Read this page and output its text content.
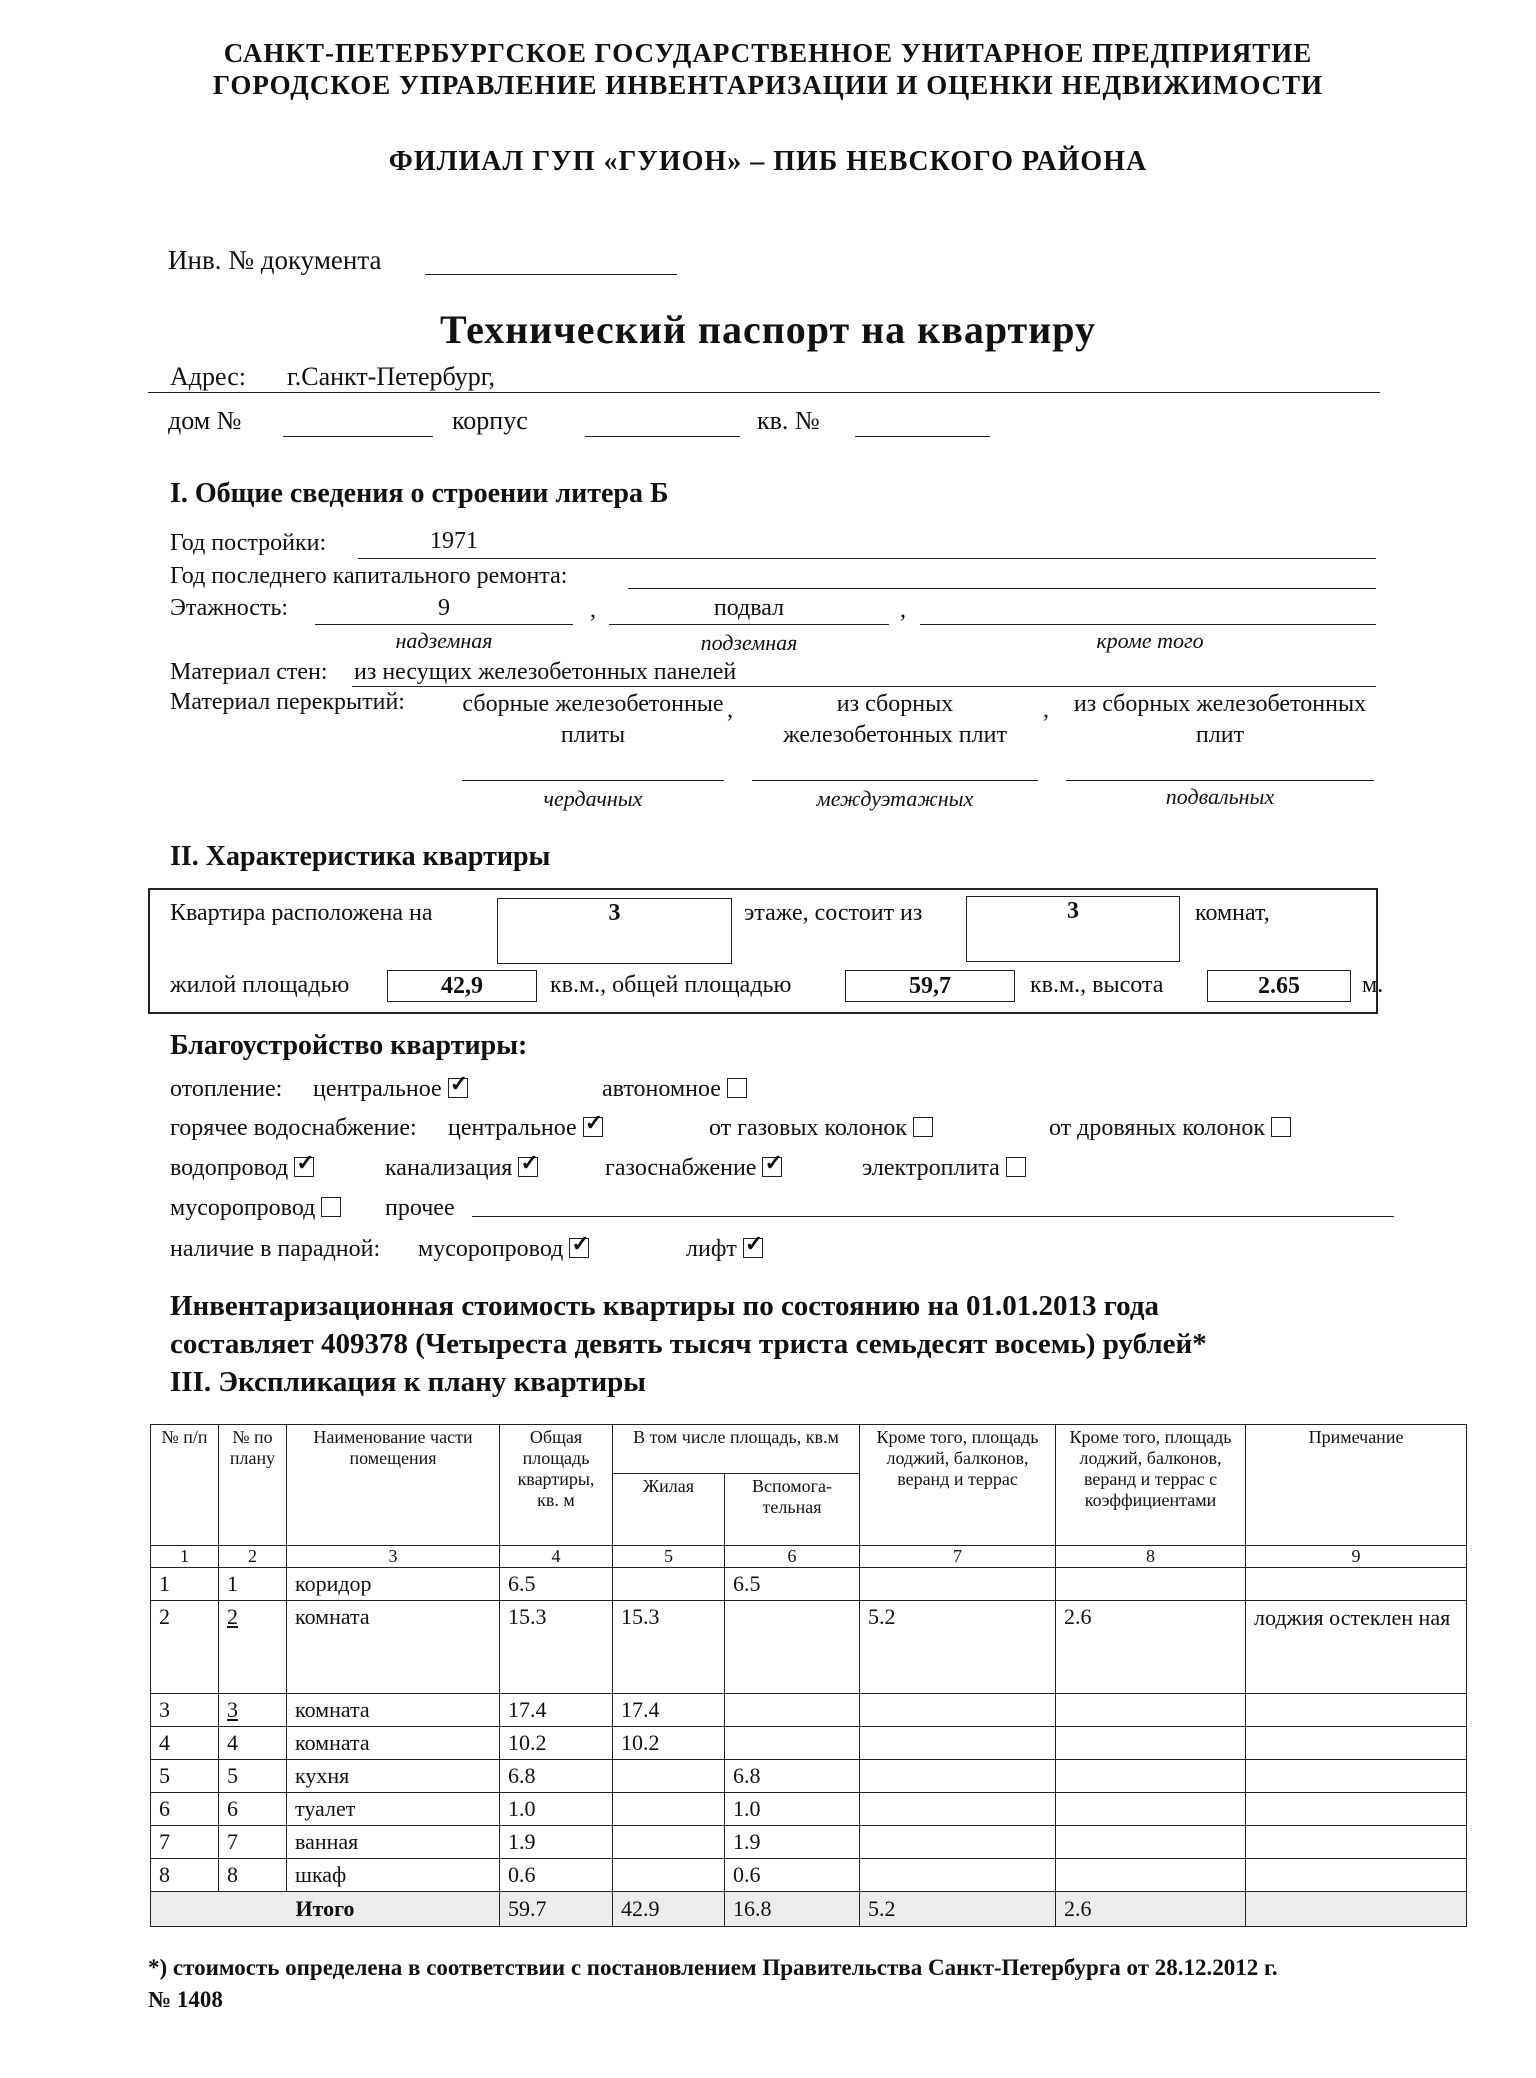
САНКТ-ПЕТЕРБУРГСКОЕ ГОСУДАРСТВЕННОЕ УНИТАРНОЕ ПРЕДПРИЯТИЕ
ГОРОДСКОЕ УПРАВЛЕНИЕ ИНВЕНТАРИЗАЦИИ И ОЦЕНКИ НЕДВИЖИМОСТИ
ФИЛИАЛ ГУП «ГУИОН» – ПИБ НЕВСКОГО РАЙОНА
Инв. № документа
Технический паспорт на квартиру
Адрес: г.Санкт-Петербург,
дом №	корпус	кв. №
I. Общие сведения о строении литера Б
Год постройки:	1971
Год последнего капитального ремонта:
Этажность:	9	,	подвал	,
надземная	подземная	кроме того
Материал стен: из несущих железобетонных панелей
Материал перекрытий: сборные железобетонные плиты
,	из сборных железобетонных плит
,	из сборных железобетонных плит
чердачных	междуэтажных	подвальных
II. Характеристика квартиры
Квартира расположена на	3	этаже, состоит из	3	комнат,
жилой площадью	42,9	кв.м., общей площадью	59,7	кв.м., высота	2.65	м.
Благоустройство квартиры:
отопление: центральное ✓	автономное
горячее водоснабжение: центральное ✓	от газовых колонок	от дровяных колонок
водопровод ✓	канализация ✓	газоснабжение ✓	электроплита
мусоропровод	прочее
наличие в парадной: мусоропровод ✓	лифт✓
Инвентаризационная стоимость квартиры по состоянию на 01.01.2013 года
составляет 409378 (Четыреста девять тысяч триста семьдесят восемь) рублей*
III. Экспликация к плану квартиры
№ п/п	№ по плану	Наименование части помещения	Общая площадь квартиры, кв. м	В том числе площадь, кв.м		Кроме того, площадь лоджий, балконов, веранд и террас	Кроме того, площадь лоджий, балконов, веранд и террас с коэффициентами	Примечание
				Жилая	Вспомога-тельная			
1	2	3	4	5	6	7	8	9
1	1	коридор	6.5		6.5			
2	2	комната	15.3	15.3		5.2	2.6	лоджия остеклен ная
3	3	комната	17.4	17.4				
4	4	комната	10.2	10.2				
5	5	кухня	6.8		6.8			
6	6	туалет	1.0		1.0			
7	7	ванная	1.9		1.9			
8	8	шкаф	0.6		0.6			
Итого			59.7	42.9	16.8	5.2	2.6	
*) стоимость определена в соответствии с постановлением Правительства Санкт-Петербурга от 28.12.2012 г.
№ 1408
